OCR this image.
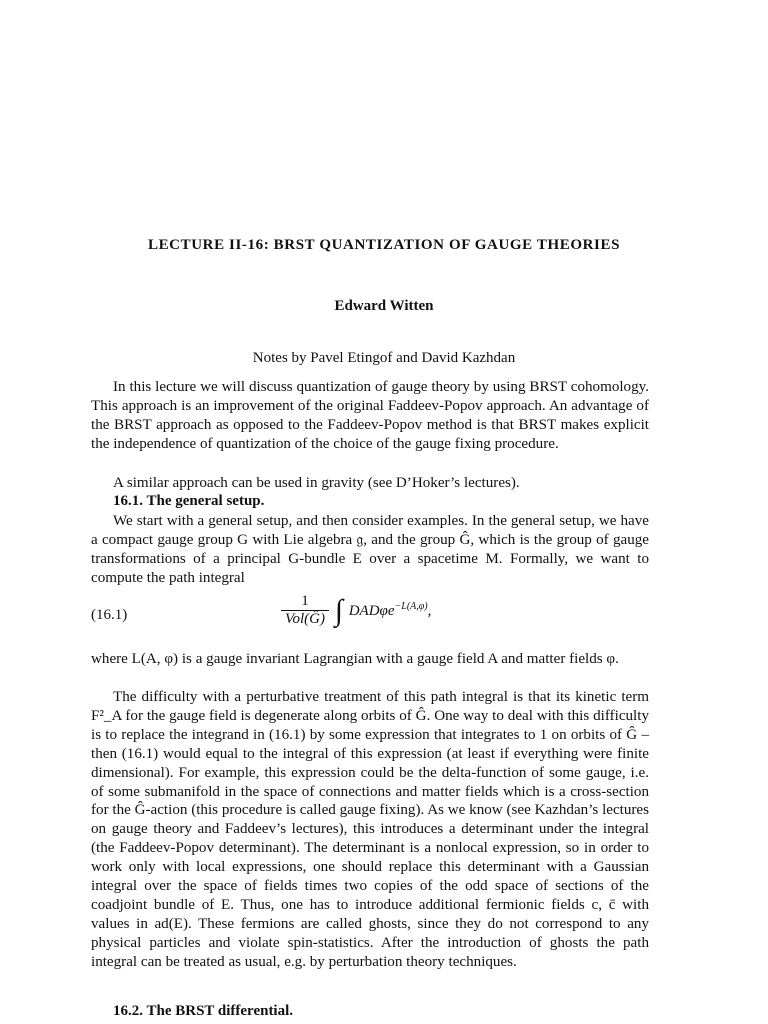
LECTURE II-16: BRST QUANTIZATION OF GAUGE THEORIES
Edward Witten
Notes by Pavel Etingof and David Kazhdan
In this lecture we will discuss quantization of gauge theory by using BRST cohomology. This approach is an improvement of the original Faddeev-Popov approach. An advantage of the BRST approach as opposed to the Faddeev-Popov method is that BRST makes explicit the independence of quantization of the choice of the gauge fixing procedure.
A similar approach can be used in gravity (see D’Hoker’s lectures).
16.1. The general setup.
We start with a general setup, and then consider examples. In the general setup, we have a compact gauge group G with Lie algebra 𝔤, and the group Ĝ, which is the group of gauge transformations of a principal G-bundle E over a spacetime M. Formally, we want to compute the path integral
(16.1)	$\frac{1}{\text{Vol(Ĝ)}}$ ∫ DADφe$^{-L(A,\varphi)}$,
where L(A, φ) is a gauge invariant Lagrangian with a gauge field A and matter fields φ.
The difficulty with a perturbative treatment of this path integral is that its kinetic term F²_A for the gauge field is degenerate along orbits of Ĝ. One way to deal with this difficulty is to replace the integrand in (16.1) by some expression that integrates to 1 on orbits of Ĝ – then (16.1) would equal to the integral of this expression (at least if everything were finite dimensional). For example, this expression could be the delta-function of some gauge, i.e. of some submanifold in the space of connections and matter fields which is a cross-section for the Ĝ-action (this procedure is called gauge fixing). As we know (see Kazhdan’s lectures on gauge theory and Faddeev’s lectures), this introduces a determinant under the integral (the Faddeev-Popov determinant). The determinant is a nonlocal expression, so in order to work only with local expressions, one should replace this determinant with a Gaussian integral over the space of fields times two copies of the odd space of sections of the coadjoint bundle of E. Thus, one has to introduce additional fermionic fields c, c̄ with values in ad(E). These fermions are called ghosts, since they do not correspond to any physical particles and violate spin-statistics. After the introduction of ghosts the path integral can be treated as usual, e.g. by perturbation theory techniques.
16.2. The BRST differential.
